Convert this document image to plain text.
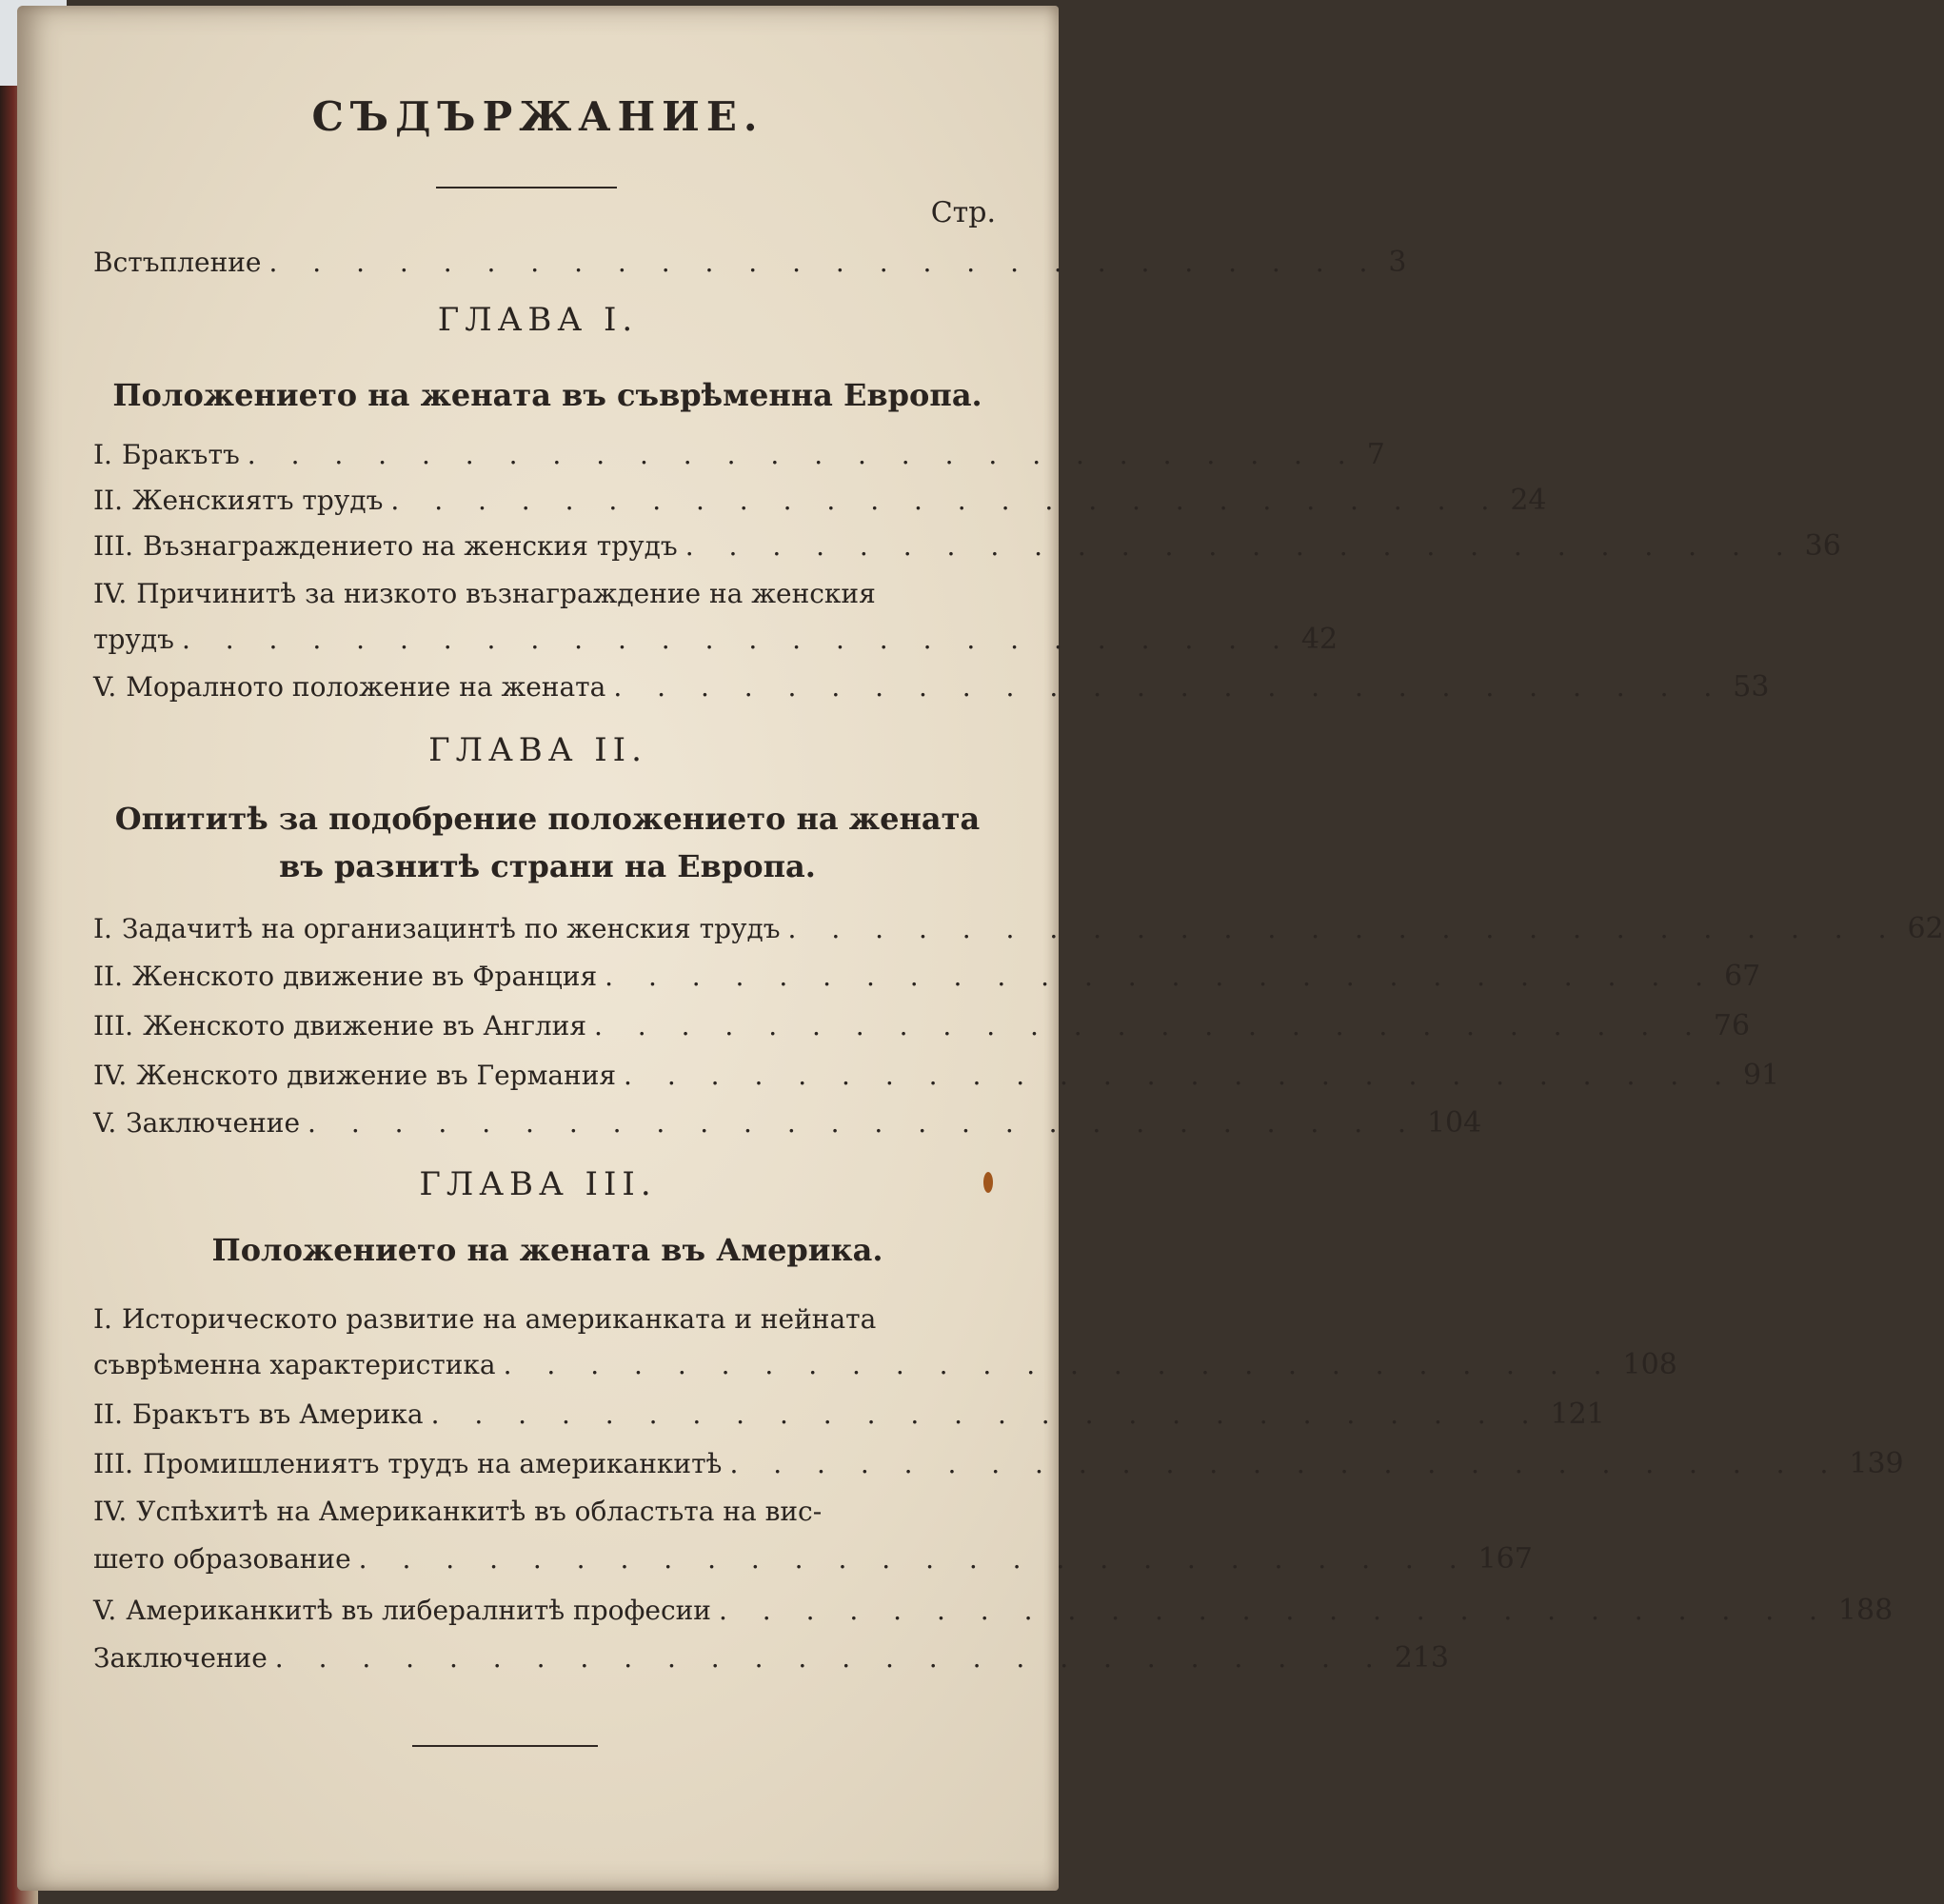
СЪДЪРЖАНИЕ.
Стр.
Встъпление . . . . . . . . . . . . . . . . . . . . . . . . . . 3
ГЛАВА I.
Положението на жената въ съврѣменна Европа.
I. Бракътъ . . . . . . . . . . . . . . . . . . . . . . . . . . 7
II. Женскиятъ трудъ . . . . . . . . . . . . . . . . . . . . . . . . . . 24
III. Възнаграждението на женския трудъ . . . . . . . . . . . . . . . . . . . . . . . . . . 36
IV. Причинитѣ за низкото възнаграждение на женския
трудъ . . . . . . . . . . . . . . . . . . . . . . . . . . 42
V. Моралното положение на жената . . . . . . . . . . . . . . . . . . . . . . . . . . 53
ГЛАВА II.
Опититѣ за подобрение положението на жената
въ разнитѣ страни на Европа.
I. Задачитѣ на организацинтѣ по женския трудъ . . . . . . . . . . . . . . . . . . . . . . . . . . 62
II. Женското движение въ Франция . . . . . . . . . . . . . . . . . . . . . . . . . . 67
III. Женското движение въ Англия . . . . . . . . . . . . . . . . . . . . . . . . . . 76
IV. Женското движение въ Германия . . . . . . . . . . . . . . . . . . . . . . . . . . 91
V. Заключение . . . . . . . . . . . . . . . . . . . . . . . . . . 104
ГЛАВА III.
Положението на жената въ Америка.
I. Историческото развитие на американката и нейната
съврѣменна характеристика . . . . . . . . . . . . . . . . . . . . . . . . . . 108
II. Бракътъ въ Америка . . . . . . . . . . . . . . . . . . . . . . . . . . 121
III. Промишлениятъ трудъ на американкитѣ . . . . . . . . . . . . . . . . . . . . . . . . . . 139
IV. Успѣхитѣ на Американкитѣ въ областьта на вис-
шето образование . . . . . . . . . . . . . . . . . . . . . . . . . . 167
V. Американкитѣ въ либералнитѣ професии . . . . . . . . . . . . . . . . . . . . . . . . . . 188
Заключение . . . . . . . . . . . . . . . . . . . . . . . . . . 213
